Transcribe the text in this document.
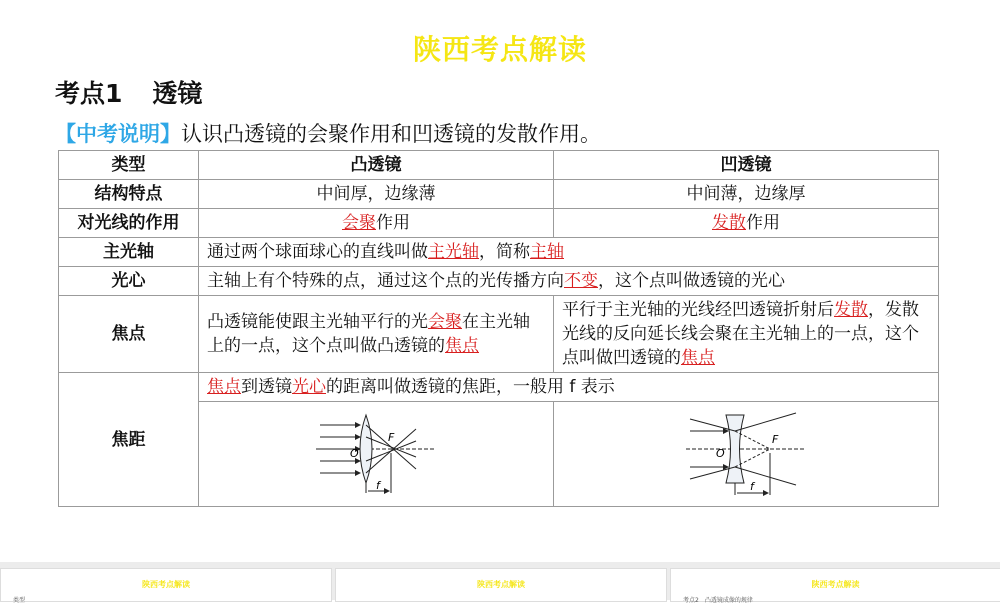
陕西考点解读
考点1 透镜
【中考说明】认识凸透镜的会聚作用和凹透镜的发散作用。
类型	凸透镜	凹透镜
结构特点	中间厚，边缘薄	中间薄，边缘厚
对光线的作用	会聚作用	发散作用
主光轴	通过两个球面球心的直线叫做主光轴，简称主轴	
光心	主轴上有个特殊的点，通过这个点的光传播方向不变，这个点叫做透镜的光心	
焦点	凸透镜能使跟主光轴平行的光会聚在主光轴上的一点，这个点叫做凸透镜的焦点	平行于主光轴的光线经凹透镜折射后发散，发散光线的反向延长线会聚在主光轴上的一点，这个点叫做凹透镜的焦点
焦距	焦点到透镜光心的距离叫做透镜的焦距，一般用 f 表示	

O
F
f	O
F
f
陕西考点解读
类型
陕西考点解读	陕西考点解读
考点2　凸透镜成像的规律
